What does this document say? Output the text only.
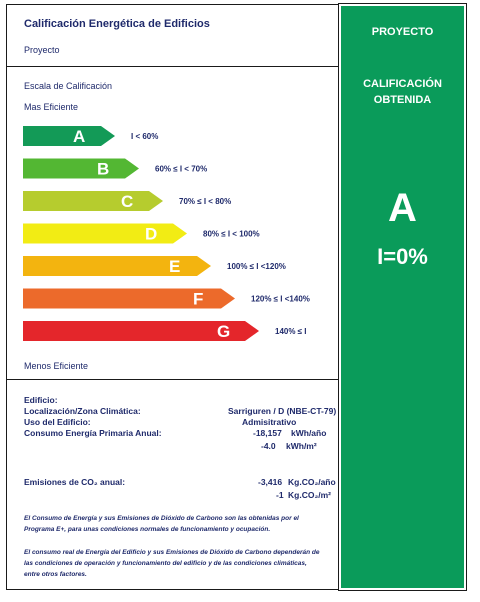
Calificación Energética de Edificios
Proyecto
Escala de Calificación
Mas Eficiente
A	I < 60%
B	60% ≤ I < 70%
C	70% ≤ I < 80%
D	80% ≤ I < 100%
E	100% ≤ I <120%
F	120% ≤ I <140%
G	140% ≤ I
Menos Eficiente
Edificio:
Localización/Zona Climática:	Sarriguren / D (NBE-CT-79)
Uso del Edificio:	Admisitrativo
Consumo Energía Primaria Anual:	-18,157 kWh/año
-4.0 kWh/m²
Emisiones de CO₂ anual:	-3,416 Kg.CO₂/año
-1 Kg.CO₂/m²
El Consumo de Energía y sus Emisiones de Dióxido de Carbono son las obtenidas por el Programa E+, para unas condiciones normales de funcionamiento y ocupación.
El consumo real de Energía del Edificio y sus Emisiones de Dióxido de Carbono dependerán de las condiciones de operación y funcionamiento del edificio y de las condiciones climáticas, entre otros factores.
PROYECTO
CALIFICACIÓN
OBTENIDA
A
I=0%
